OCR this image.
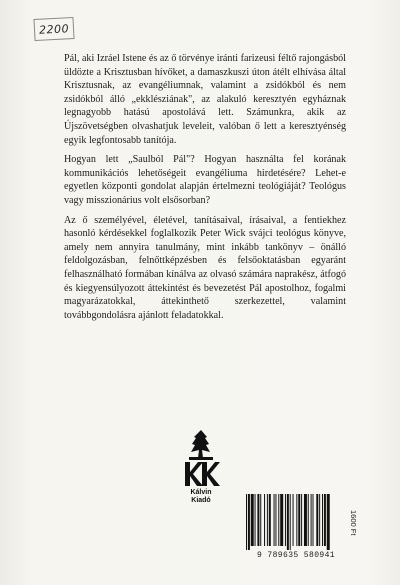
2200

Pál, aki Izráel Istene és az ő törvénye iránti farizeusi féltő rajongásból üldözte a Krisztusban hívőket, a damaszkuszi úton átélt elhívása által Krisztusnak, az evangéliumnak, valamint a zsidókból és nem zsidókból álló „ekklésziának", az alakuló keresztyén egyháznak legnagyobb hatású apostolává lett. Számunkra, akik az Újszövetségben olvashatjuk leveleit, valóban ő lett a keresztyénség egyik legfontosabb tanítója.

Hogyan lett „Saulból Pál"? Hogyan használta fel korának kommunikációs lehetőségeit evangéliuma hirdetésére? Lehet-e egyetlen központi gondolat alapján értelmezni teológiáját? Teológus vagy misszionárius volt elsősorban?

Az ő személyével, életével, tanításaival, írásaival, a fentiekhez hasonló kérdésekkel foglalkozik Peter Wick svájci teológus könyve, amely nem annyira tanulmány, mint inkább tankönyv – önálló feldolgozásban, felnőttképzésben és felsőoktatásban egyaránt felhasználható formában kínálva az olvasó számára naprakész, átfogó és kiegyensúlyozott áttekintést és bevezetést Pál apostolhoz, fogalmi magyarázatokkal, áttekinthető szerkezettel, valamint továbbgondolásra ajánlott feladatokkal.

Kálvin
Kiadó
9 789635 580941
1600 Ft
